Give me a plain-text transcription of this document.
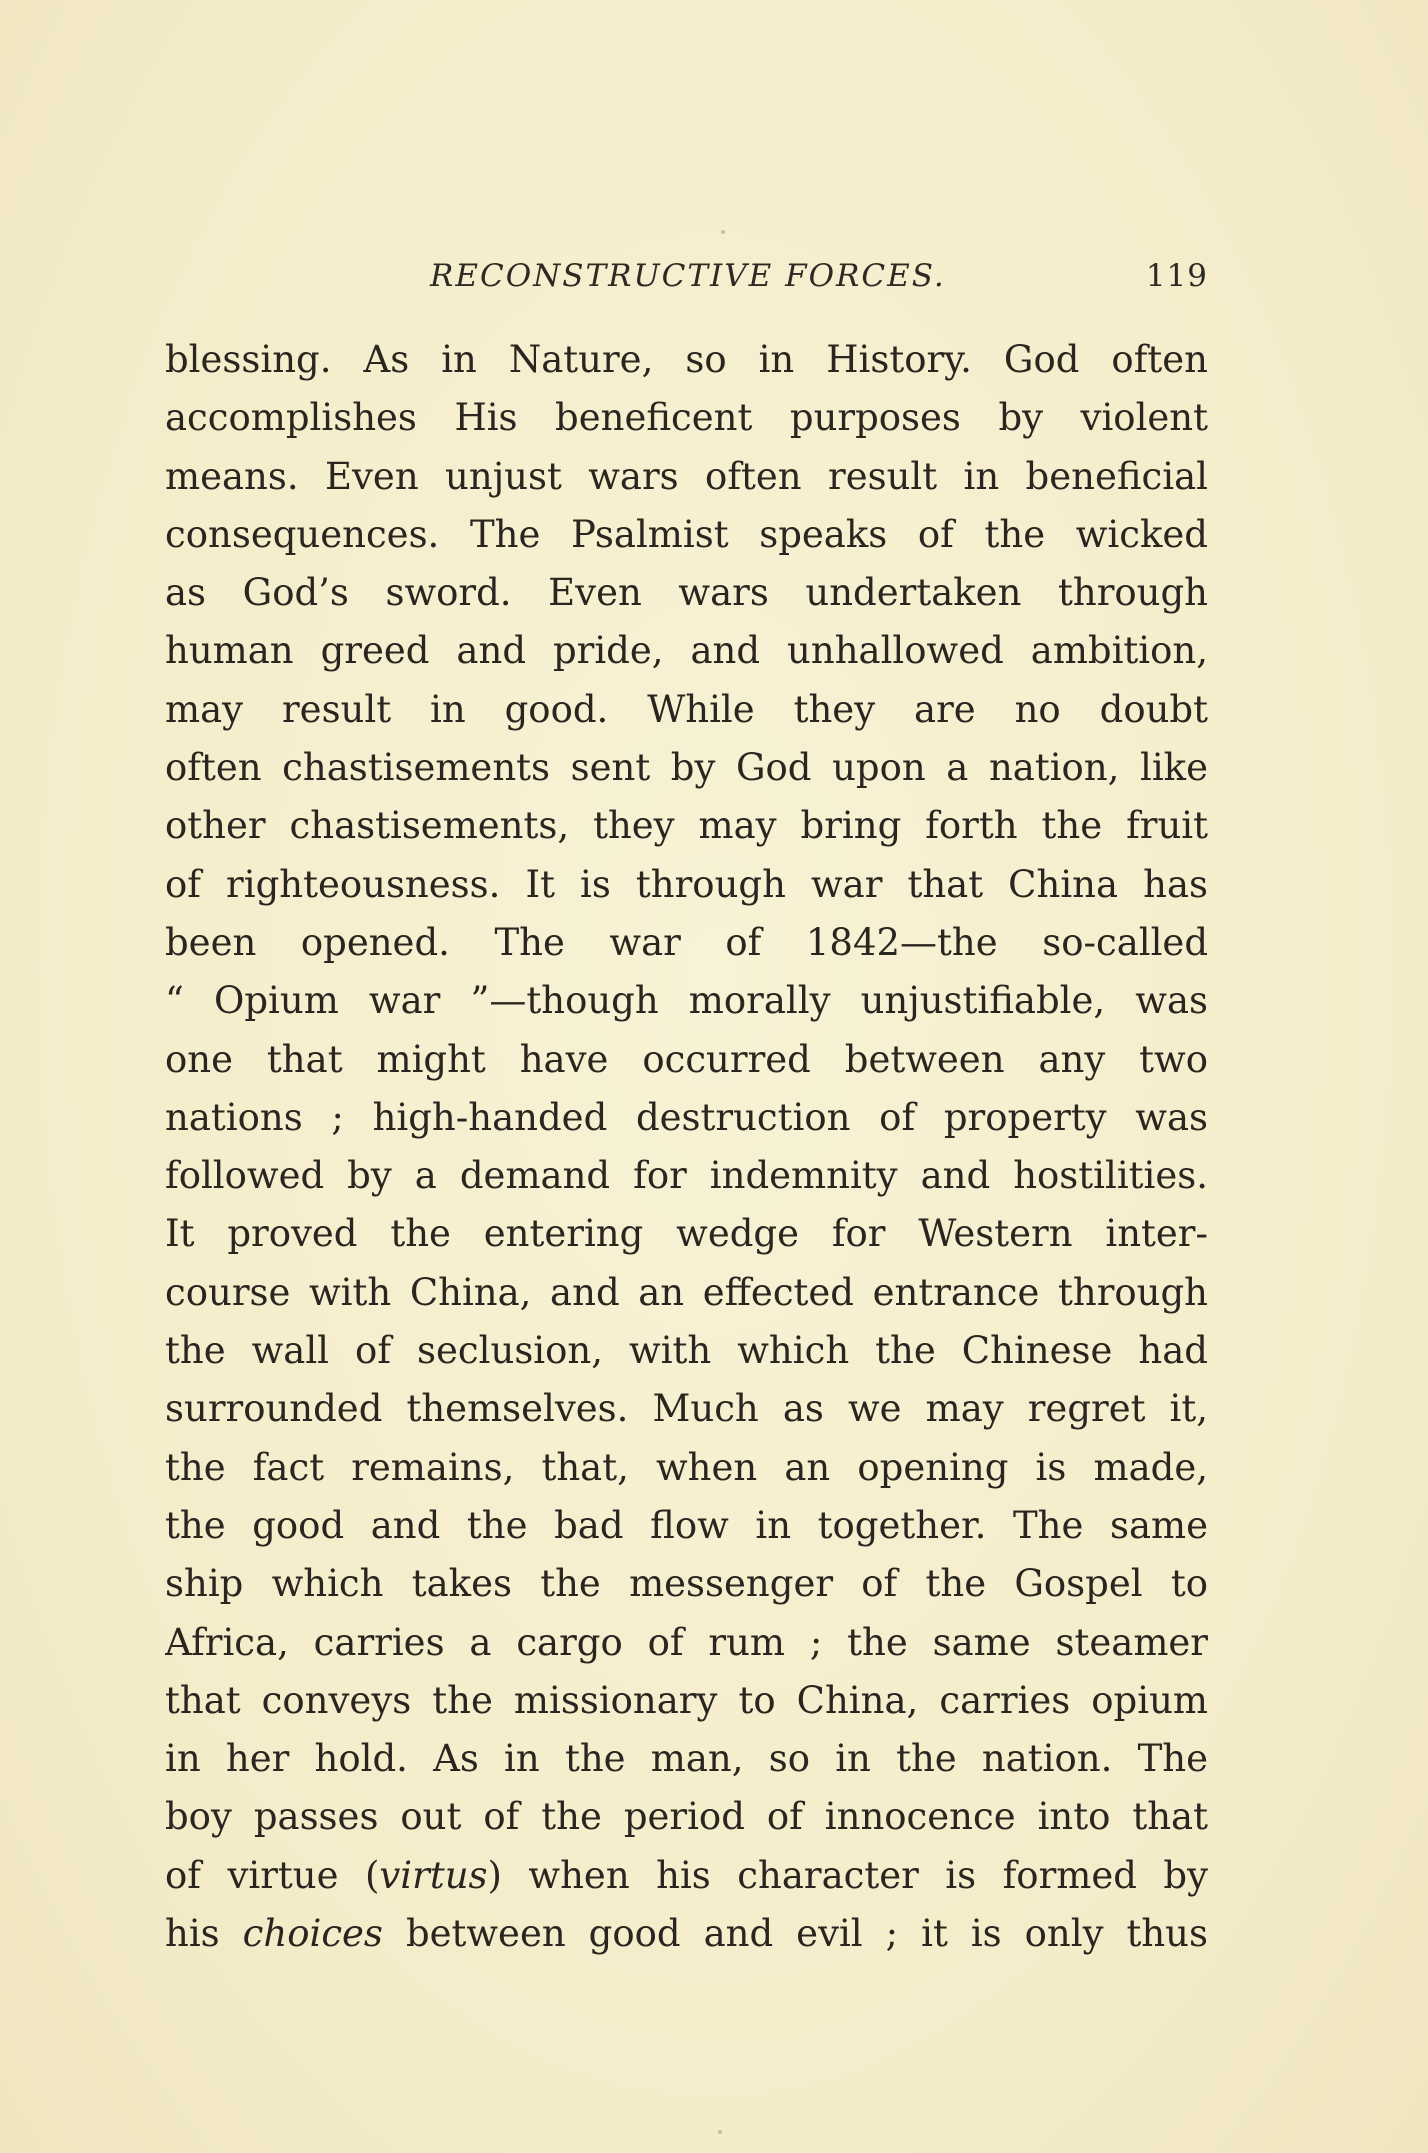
RECONSTRUCTIVE FORCES.	119
blessing. As in Nature, so in History. God often
accomplishes His beneficent purposes by violent
means. Even unjust wars often result in beneficial
consequences. The Psalmist speaks of the wicked
as God’s sword. Even wars undertaken through
human greed and pride, and unhallowed ambition,
may result in good. While they are no doubt
often chastisements sent by God upon a nation, like
other chastisements, they may bring forth the fruit
of righteousness. It is through war that China has
been opened. The war of 1842—the so-called
“ Opium war ”—though morally unjustifiable, was
one that might have occurred between any two
nations ; high-handed destruction of property was
followed by a demand for indemnity and hostilities.
It proved the entering wedge for Western inter-
course with China, and an effected entrance through
the wall of seclusion, with which the Chinese had
surrounded themselves. Much as we may regret it,
the fact remains, that, when an opening is made,
the good and the bad flow in together. The same
ship which takes the messenger of the Gospel to
Africa, carries a cargo of rum ; the same steamer
that conveys the missionary to China, carries opium
in her hold. As in the man, so in the nation. The
boy passes out of the period of innocence into that
of virtue (virtus) when his character is formed by
his choices between good and evil ; it is only thus
